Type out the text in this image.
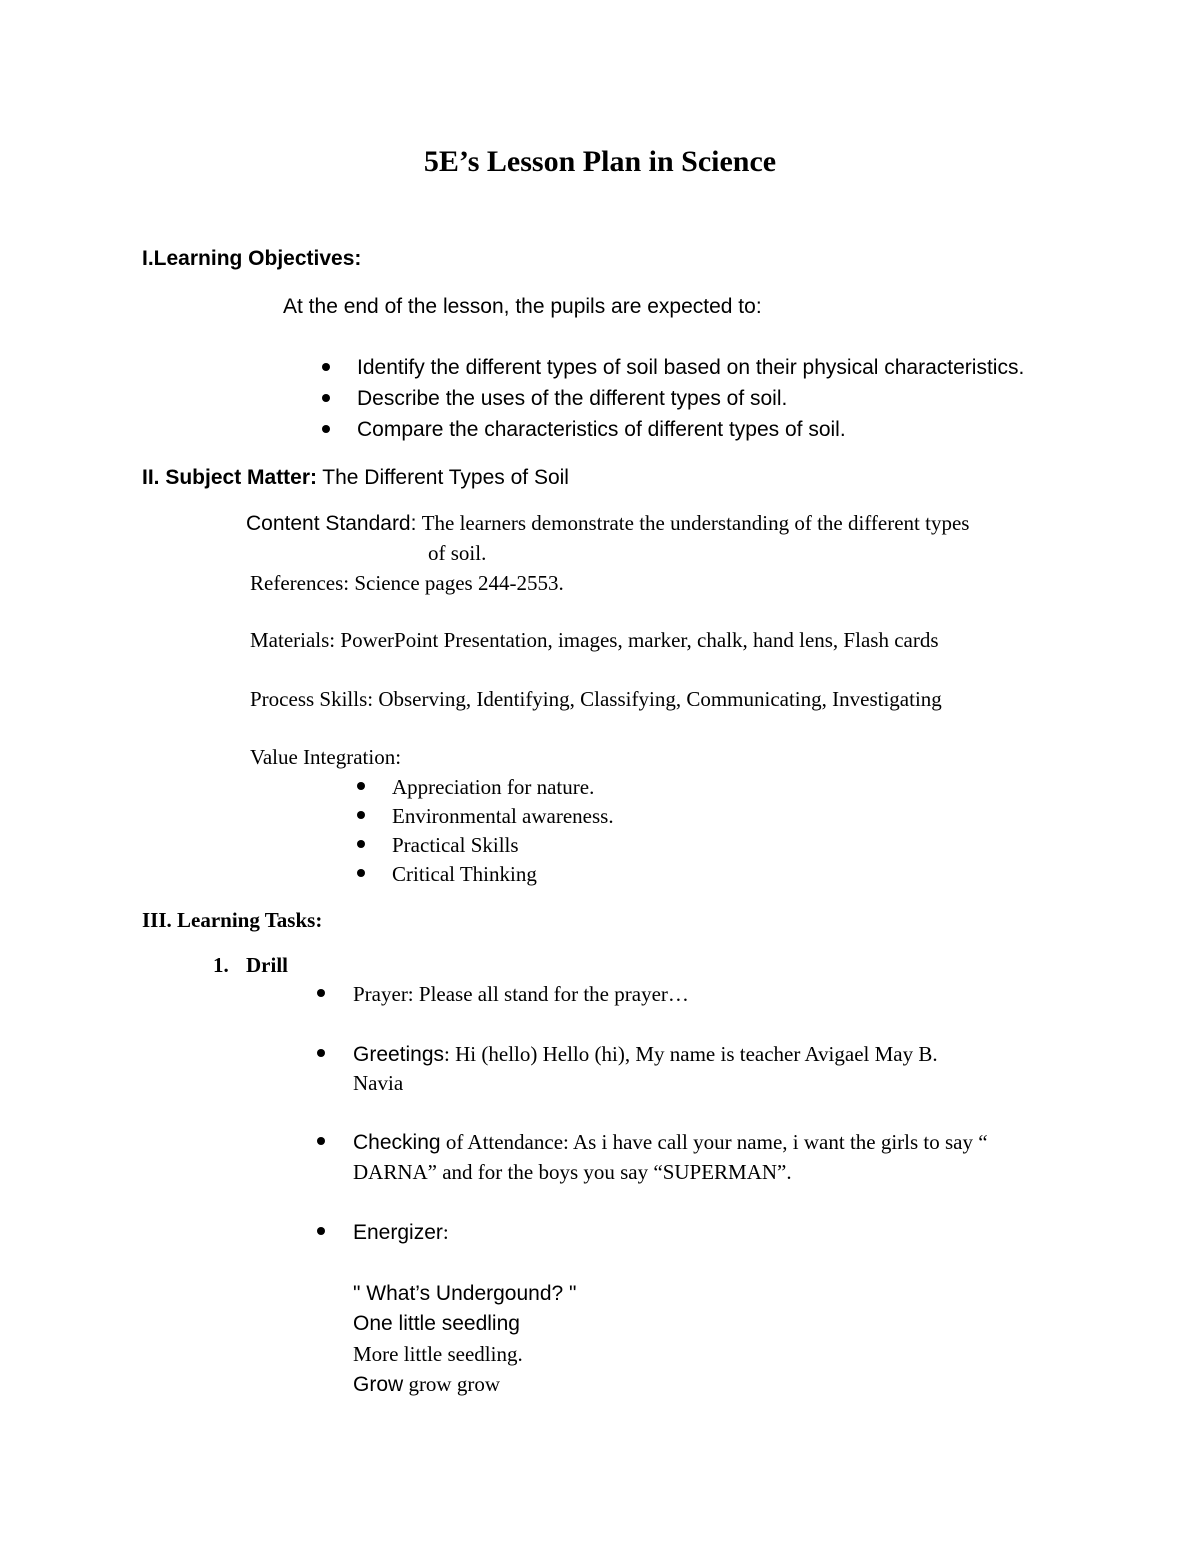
5E’s Lesson Plan in Science
I.Learning Objectives:
At the end of the lesson, the pupils are expected to:
Identify the different types of soil based on their physical characteristics.
Describe the uses of the different types of soil.
Compare the characteristics of different types of soil.
II. Subject Matter: The Different Types of Soil
Content Standard: The learners demonstrate the understanding of the different types
of soil.
References: Science pages 244-2553.
Materials: PowerPoint Presentation, images, marker, chalk, hand lens, Flash cards
Process Skills: Observing, Identifying, Classifying, Communicating, Investigating
Value Integration:
Appreciation for nature.
Environmental awareness.
Practical Skills
Critical Thinking
III. Learning Tasks:
1. Drill
Prayer: Please all stand for the prayer…
Greetings: Hi (hello) Hello (hi), My name is teacher Avigael May B.
Navia
Checking of Attendance: As i have call your name, i want the girls to say “
DARNA” and for the boys you say “SUPERMAN”.
Energizer:
" What’s Undergound? "
One little seedling
More little seedling.
Grow grow grow
